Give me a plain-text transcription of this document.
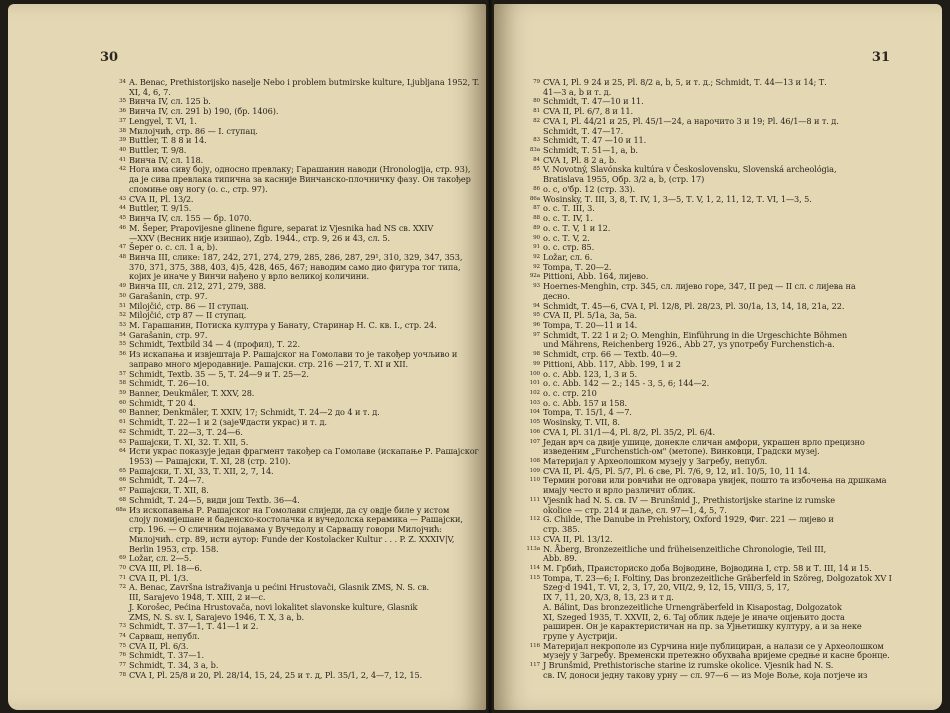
30
34 A. Benac, Prethistorijsko naselje Nebo i problem butmirske kulture, Ljubljana 1952, T. XI, 4, 6, 7.
35 Винча IV, сл. 125 b.
36 Винча IV, сл. 291 b) 190, (бр. 1406).
37 Lengyel, T. VI, 1.
38 Милојчић, стр. 86 — I. ступац.
39 Buttler, T. 8 8 и 14.
40 Buttler, T. 9/8.
41 Винча IV, сл. 118.
42 Нога има сиву боју, односно превлаку; Гарашанин наводи (Hronologija, стр. 93),
да је сива превлака типична за касније Винчанско-плочничку фазу. Он такођер
спомиње ову ногу (о. с., стр. 97).
43 CVA II, Pl. 13/2.
44 Buttler, T. 9/15.
45 Винча IV, сл. 155 — бр. 1070.
46 M. Šeper, Prapovijesne glinene figure, separat iz Vjesnika had NS св. XXIV
—XXV (Весник није изишао), Zgb. 1944., стр. 9, 26 и 43, сл. 5.
47 Šeper о. с. сл. 1 а, b).
48 Винча III, слике: 187, 242, 271, 274, 279, 285, 286, 287, 29¹, 310, 329, 347, 353,
370, 371, 375, 388, 403, 4)5, 428, 465, 467; наводим само дио фигура тог типа,
којих је иначе у Винчи нађено у врло великој количини.
49 Винча III, сл. 212, 271, 279, 388.
50 Garašanin, стр. 97.
51 Milojčić, стр. 86 — II ступац.
52 Milojčić, стр 87 — II ступац.
53 М. Гарашанин, Потиска култура у Банату, Старинар Н. С. кв. I., стр. 24.
54 Garašanin, стр. 97.
55 Schmidt, Textbild 34 — 4 (профил), Т. 22.
56 Из искапања и извјештаја Р. Рашајског на Гомолави то је такођер уочљиво и
заправо много мјеродавније. Рашајски. стр. 216 —217, Т. XI и XII.
57 Schmidt, Textb. 35 — 5, Т. 24—9 и Т. 25—2.
58 Schmidt, Т. 26—10.
59 Banner, Deukmäler, T. XXV, 28.
60 Schmidt, Т 20 4.
60 Banner, Denkmäler, T. XXIV, 17; Schmidt, Т. 24—2 до 4 и т. д.
61 Schmidt, Т. 22—1 и 2 (зајеΨдасти украс) и т. д.
62 Schmidt, Т. 22—3, Т. 24—6.
63 Рашајски, Т. XI, 32. Т. XII, 5.
64 Исти украс показује један фрагмент такођер са Гомолаве (искапање Р. Рашајског 1953) — Рашајски, Т. XI, 28 (стр. 210).
65 Рашајски, Т. XI, 33, Т. XII, 2, 7, 14.
66 Schmidt, Т. 24—7.
67 Рашајски, Т. XII, 8.
68 Schmidt, Т. 24—5, види још Textb. 36—4.
68a Из ископавања Р. Рашајског на Гомолави слиједи, да су овдје биле у истом
слоју помијешане и баденско-костолачка и вучедолска керамика — Рашајски,
стр. 196. — О сличним појавама у Вучедолу и Сарвашу говори Милојчић:
Милојчић. стр. 89, исти аутор: Funde der Kostolacker Kultur . . . P. Z. XXXIV|V,
Berlin 1953, стр. 158.
69 Ložar, сл. 2—5.
70 CVA III, Pl. 18—6.
71 CVA II, Pl. 1/3.
72 A. Benac, Završna istraživanja u pećini Hrustovači, Glasnik ZMS, N. S. св.
III, Sarajevo 1948, Т. XIII, 2 и—с.
J. Korošec, Pećina Hrustovača, novi lokalitet slavonske kulture, Glasnik
ZMS, N. S. sv. I, Sarajevo 1946, T. X, 3 a, b.
73 Schmidt, Т. 37—1, Т. 41—1 и 2.
74 Сарваш, непубл.
75 CVA II, Pl. 6/3.
76 Schmidt, Т. 37—1.
77 Schmidt, Т. 34, 3 а, b.
78 CVA I, Pl. 25/8 и 20, Pl. 28/14, 15, 24, 25 и т. д, Pl. 35/1, 2, 4—7, 12, 15.
31
79 CVA I, Pl. 9 24 и 25, Pl. 8/2 a, b, 5, и т. д.; Schmidt, Т. 44—13 и 14; Т.
41—3 а, b и т. д.
80 Schmidt, Т. 47—10 и 11.
81 CVA II, Pl. 6/7, 8 и 11.
82 CVA I, Pl. 44/21 и 25, Pl. 45/1—24, а нарочито 3 и 19; Pl. 46/1—8 и т. д.
Schmidt, Т. 47—17.
83 Schmidt, Т. 47 —10 и 11.
83a Schmidt, Т. 51—1, a, b.
84 CVA I, Pl. 8 2 a, b.
85 V. Novotný, Slavónska kultúra v Československu, Slovenská archeológia,
Bratislava 1955, Обр. 3/2 a, b, (стр. 17)
86 о. с, о'бр. 12 (стр. 33).
86a Wosinsky, Т. III, 3, 8, Т. IV, 1, 3—5, Т. V, 1, 2, 11, 12, Т. VI, 1—3, 5.
87 о. с. Т. III, 3.
88 о. с. Т. IV, 1.
89 о. с. Т. V, 1 и 12.
90 о. с. Т. V, 2.
91 о. с. стр. 85.
92 Ložar, сл. 6.
92 Tompa, Т. 20—2.
92a Pittioni, Abb. 164, лијево.
93 Hoernes-Menghin, стр. 345, сл. лијево горе, 347, II ред — II сл. с лијева на
десно.
94 Schmidt, Т. 45—6, CVA I, Pl. 12/8, Pl. 28/23, Pl. 30/1a, 13, 14, 18, 21a, 22.
95 CVA II, Pl. 5/1a, 3a, 5a.
96 Tompa, Т. 20—11 и 14.
97 Schmidt, Т. 22 1 и 2; O. Menghin, Einführung in die Urgeschichte Böhmen
und Mährens, Reichenberg 1926., Abb 27, уз употребу Furchenstich-a.
98 Schmidt, стр. 66 — Textb. 40—9.
99 Pittioni, Abb. 117, Abb. 199, 1 и 2
100 о. с. Abb. 123, 1, 3 и 5.
101 о. с. Abb. 142 — 2.; 145 - 3, 5, 6; 144—2.
102 о. с. стр. 210
103 о. с. Abb. 157 и 158.
104 Tompa, Т. 15/1, 4 —7.
105 Wosinsky, Т. VII, 8.
106 CVA I, Pl. 31/1—4, Pl. 8/2, Pl. 35/2, Pl. 6/4.
107 Један врч са двије ушице, донекле сличан амфори, украшен врло прецизно
изведеним „Furchenstich-ом" (метопе). Винковци, Градски музеј.
108 Материјал у Археолошком музеју у Загребу, непубл.
109 CVA II, Pl. 4/5, Pl. 5/7, Pl. 6 све, Pl. 7/6, 9, 12, и1. 10/5, 10, 11 14.
110 Термин рогови или ровчићи не одговара увијек, пошто та избочења на дршкама
имају често и врло различит облик.
111 Vjesnik had N. S. св. IV — Brunšmid J., Prethistorijske starine iz rumske
okolice — стр. 214 и даље, сл. 97—1, 4, 5, 7.
112 G. Childe, The Danube in Prehistory, Oxford 1929, Фиг. 221 — лијево и
стр. 385.
113 CVA II, Pl. 13/12.
113a N. Åberg, Bronzezeitliche und früheisenzeitliche Chronologie, Teil III,
Abb. 89.
114 М. Грбић, Праисториско доба Војводине, Војводина I, стр. 58 и Т. III, 14 и 15.
115 Tompa, Т. 23—6; I. Foltiny, Das bronzezeitliche Gräberfeld in Szöreg, Dolgozatok XV I Szeg·d 1941, Т. VI, 2, 3, 17, 20, VII/2, 9, 12, 15, VIII/3, 5, 17,
IX 7, 11, 20, X/3, 8, 13, 23 и т д.
A. Bálint, Das bronzezeitliche Urnengräberfeld in Kisapostag, Dolgozatok
XI, Szeged 1935, Т. XXVII, 2, 6. Тај облик љдеје је иначе оцјењито доста
раширен. Он је карактеристичан на пр. за Ујњетишку културу, а и за неке
групе у Аустрији.
116 Материјал некрополе из Сурчина није публициран, а налази се у Археолошком
музеју у Загребу. Временски претежно обухваћа вријеме средње и касне бронце.
117 J Brunšmid, Prethistorische starine iz rumske okolice. Vjesnik had N. S.
св. IV, доноси једну такову урну — сл. 97—6 — из Моје Воље, која потјече из
